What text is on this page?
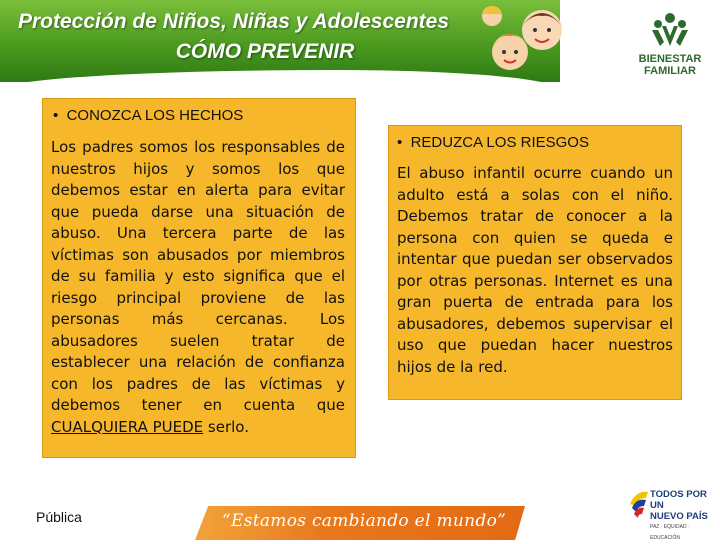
Protección de Niños, Niñas y Adolescentes
CÓMO PREVENIR	BIENESTAR
FAMILIAR
•  CONOZCA LOS HECHOS
Los padres somos los responsables de nuestros hijos y somos los que debemos estar en alerta para evitar que pueda darse una situación de abuso. Una tercera parte de las víctimas son abusados por miembros de su familia y esto significa que el riesgo principal proviene de las personas más cercanas. Los abusadores suelen tratar de establecer una relación de confianza con los padres de las víctimas y debemos tener en cuenta que CUALQUIERA PUEDE serlo.
•  REDUZCA LOS RIESGOS
El abuso infantil ocurre cuando un adulto está a solas con el niño. Debemos tratar de conocer a la persona con quien se queda e intentar que puedan ser observados por otras personas. Internet es una gran puerta de entrada para los abusadores, debemos supervisar el uso que puedan hacer nuestros hijos de la red.
Pública	“Estamos cambiando el mundo”
TODOS POR UN
NUEVO PAÍS
PAZ · EQUIDAD · EDUCACIÓN
